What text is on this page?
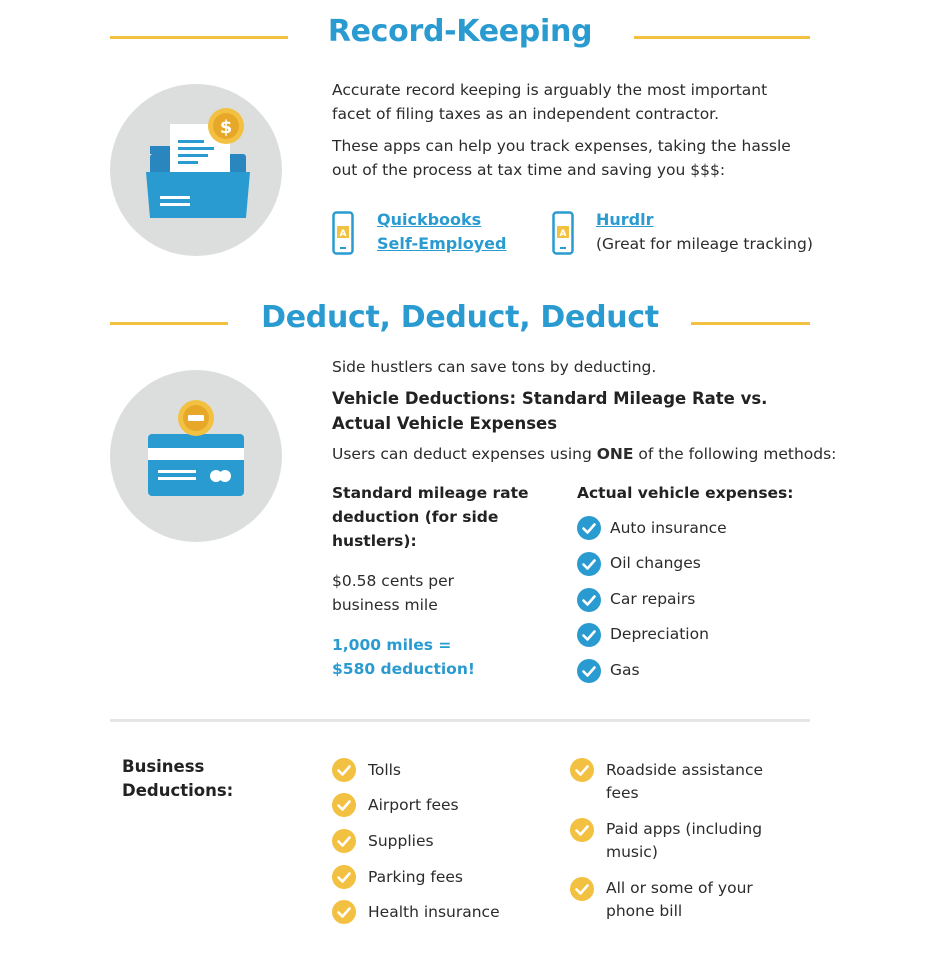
Record-Keeping
$
Accurate record keeping is arguably the most important facet of filing taxes as an independent contractor.
These apps can help you track expenses, taking the hassle out of the process at tax time and saving you $$$:
A
Quickbooks
Self-Employed	A
Hurdlr
(Great for mileage tracking)
Deduct, Deduct, Deduct
Side hustlers can save tons by deducting.
Vehicle Deductions: Standard Mileage Rate vs. Actual Vehicle Expenses
Users can deduct expenses using ONE of the following methods:
Standard mileage rate deduction (for side hustlers):
$0.58 cents per business mile
1,000 miles = $580 deduction!
Actual vehicle expenses:
Auto insurance
Oil changes
Car repairs
Depreciation
Gas
Business Deductions:
Tolls
Airport fees
Supplies
Parking fees
Health insurance
Roadside assistance fees
Paid apps (including music)
All or some of your phone bill
